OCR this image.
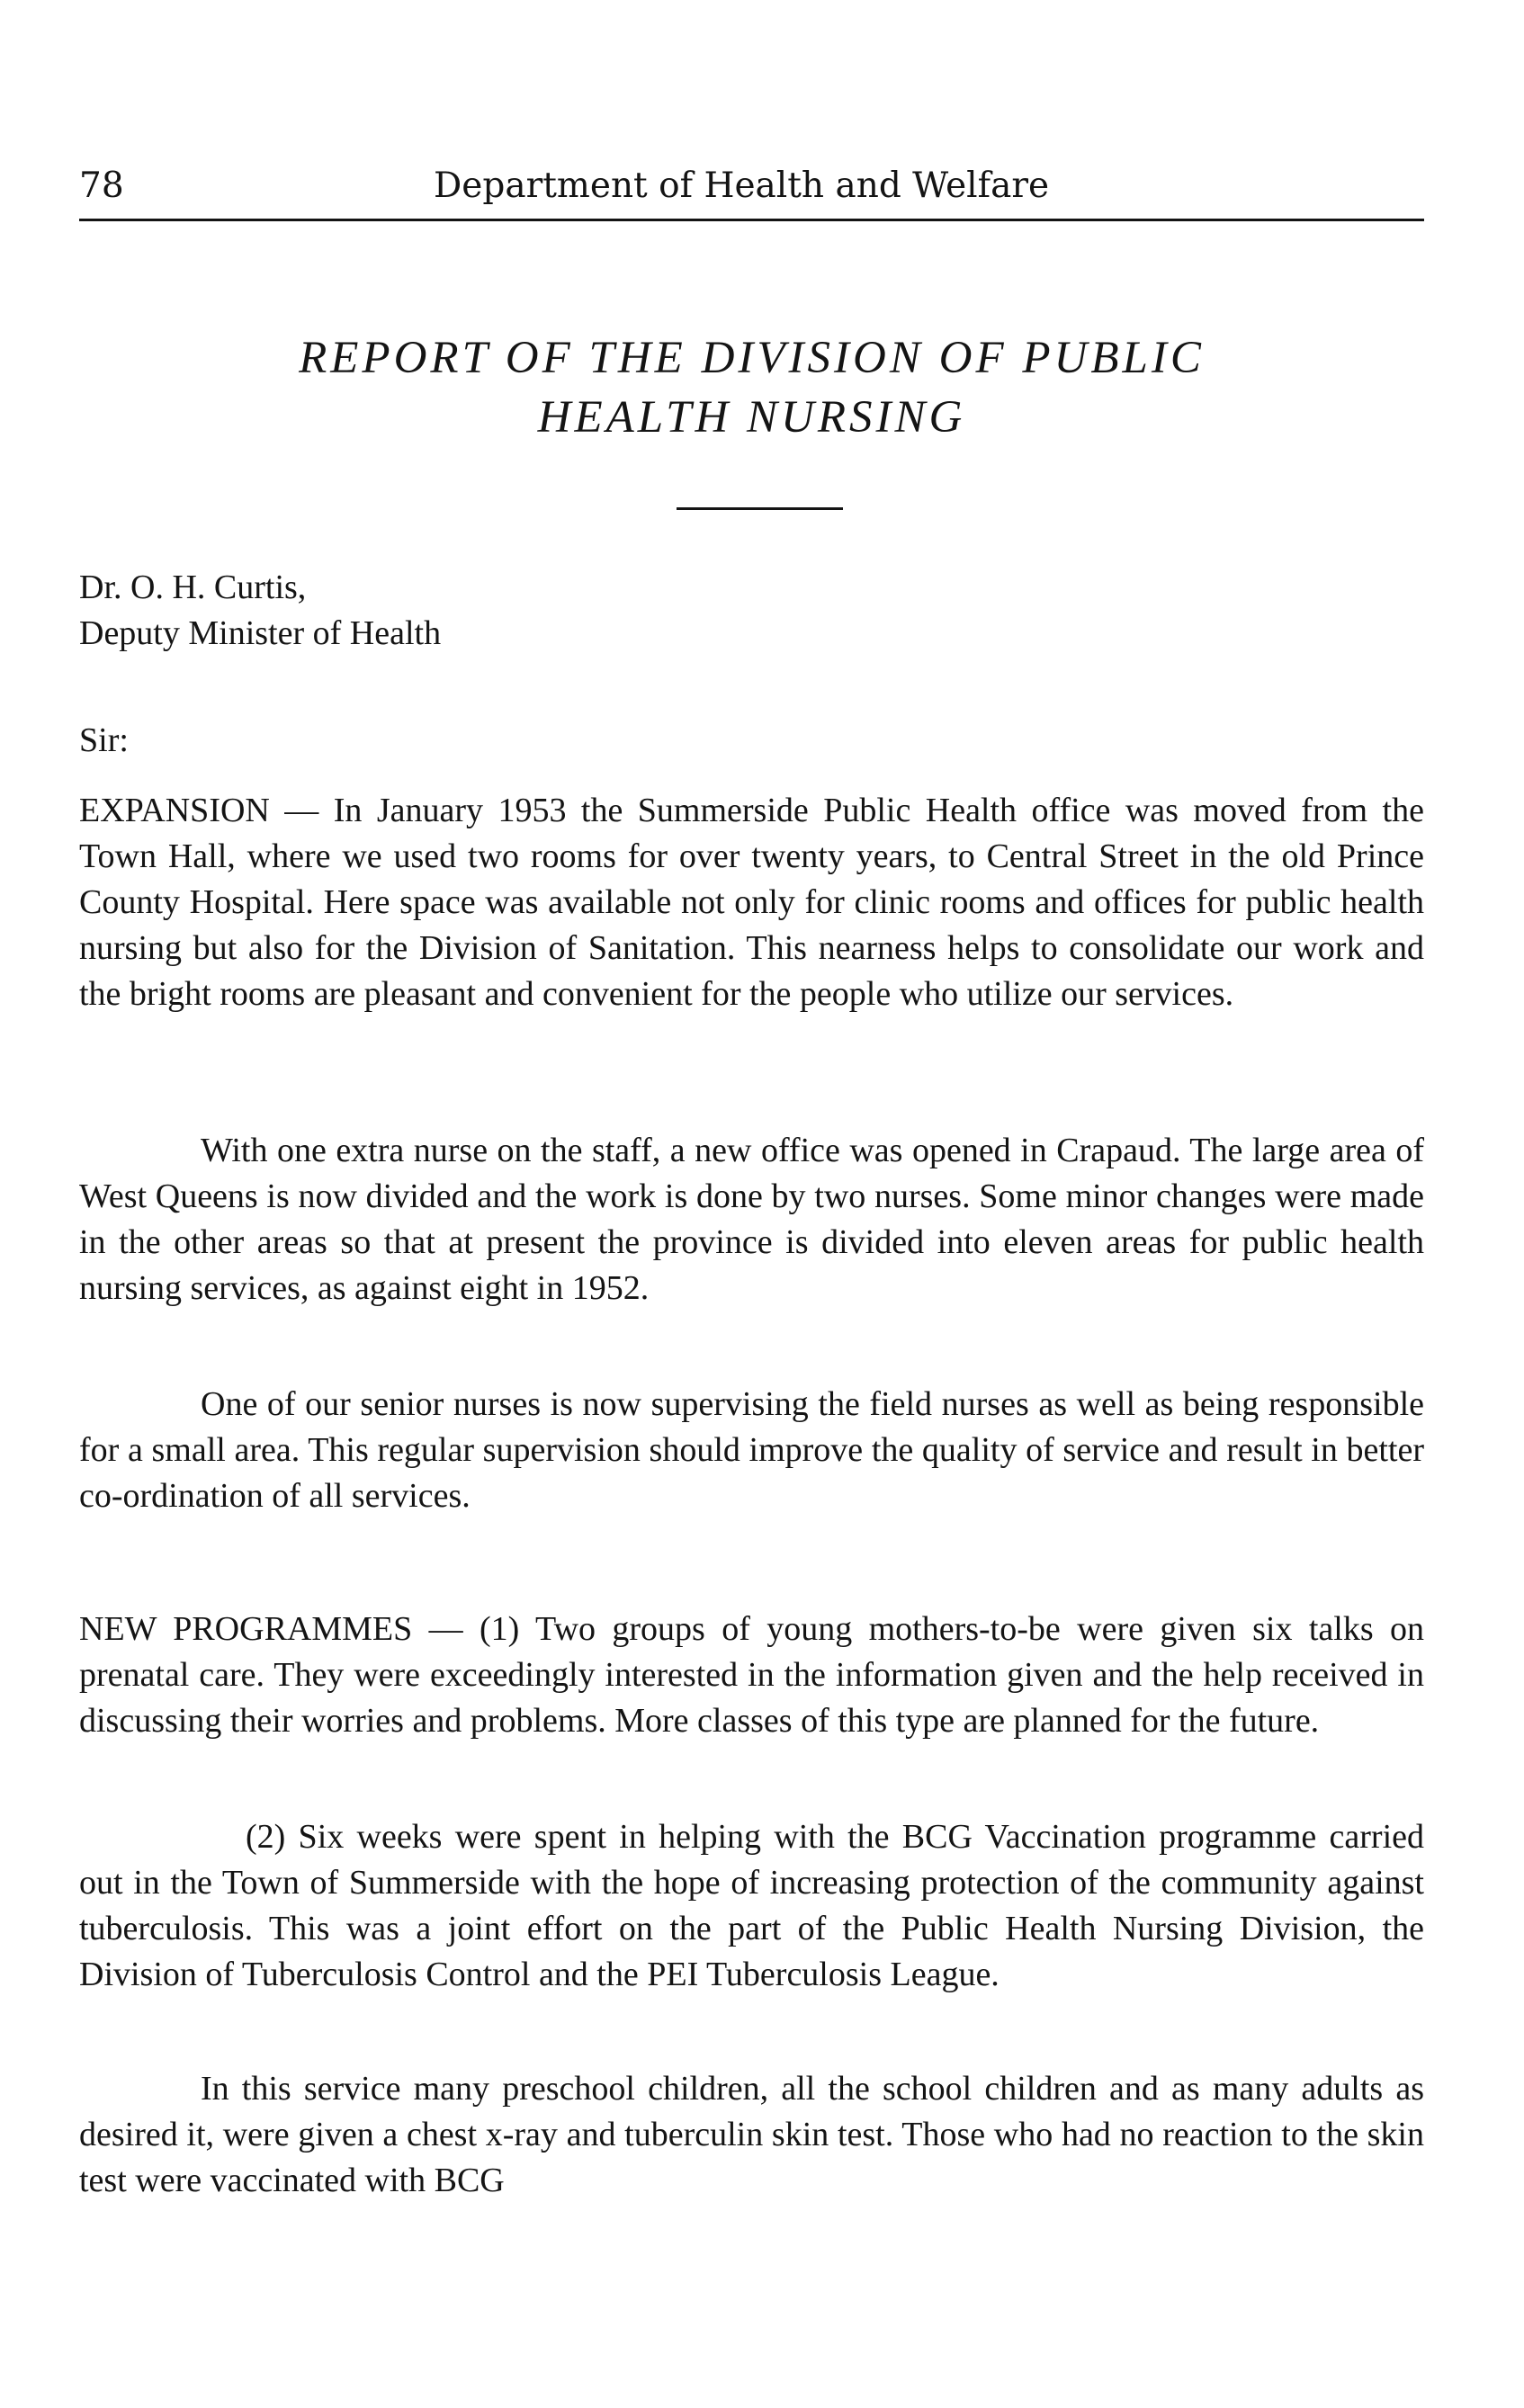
78	Department of Health and Welfare
REPORT OF THE DIVISION OF PUBLIC
HEALTH NURSING
Dr. O. H. Curtis,
Deputy Minister of Health
Sir:

EXPANSION — In January 1953 the Summerside Public Health office was moved from the Town Hall, where we used two rooms for over twenty years, to Central Street in the old Prince County Hospital. Here space was available not only for clinic rooms and offices for public health nursing but also for the Division of Sanitation. This nearness helps to consolidate our work and the bright rooms are pleasant and convenient for the people who utilize our services.

With one extra nurse on the staff, a new office was opened in Crapaud. The large area of West Queens is now divided and the work is done by two nurses. Some minor changes were made in the other areas so that at present the province is divided into eleven areas for public health nursing services, as against eight in 1952.

One of our senior nurses is now supervising the field nurses as well as being responsible for a small area. This regular supervision should improve the quality of service and result in better co-ordination of all services.

NEW PROGRAMMES — (1) Two groups of young mothers-to-be were given six talks on prenatal care. They were exceedingly interested in the information given and the help received in discussing their worries and problems. More classes of this type are planned for the future.

(2) Six weeks were spent in helping with the BCG Vaccination programme carried out in the Town of Summerside with the hope of increasing protection of the community against tuberculosis. This was a joint effort on the part of the Public Health Nursing Division, the Division of Tuberculosis Control and the PEI Tuberculosis League.

In this service many preschool children, all the school children and as many adults as desired it, were given a chest x-ray and tuberculin skin test. Those who had no reaction to the skin test were vaccinated with BCG
